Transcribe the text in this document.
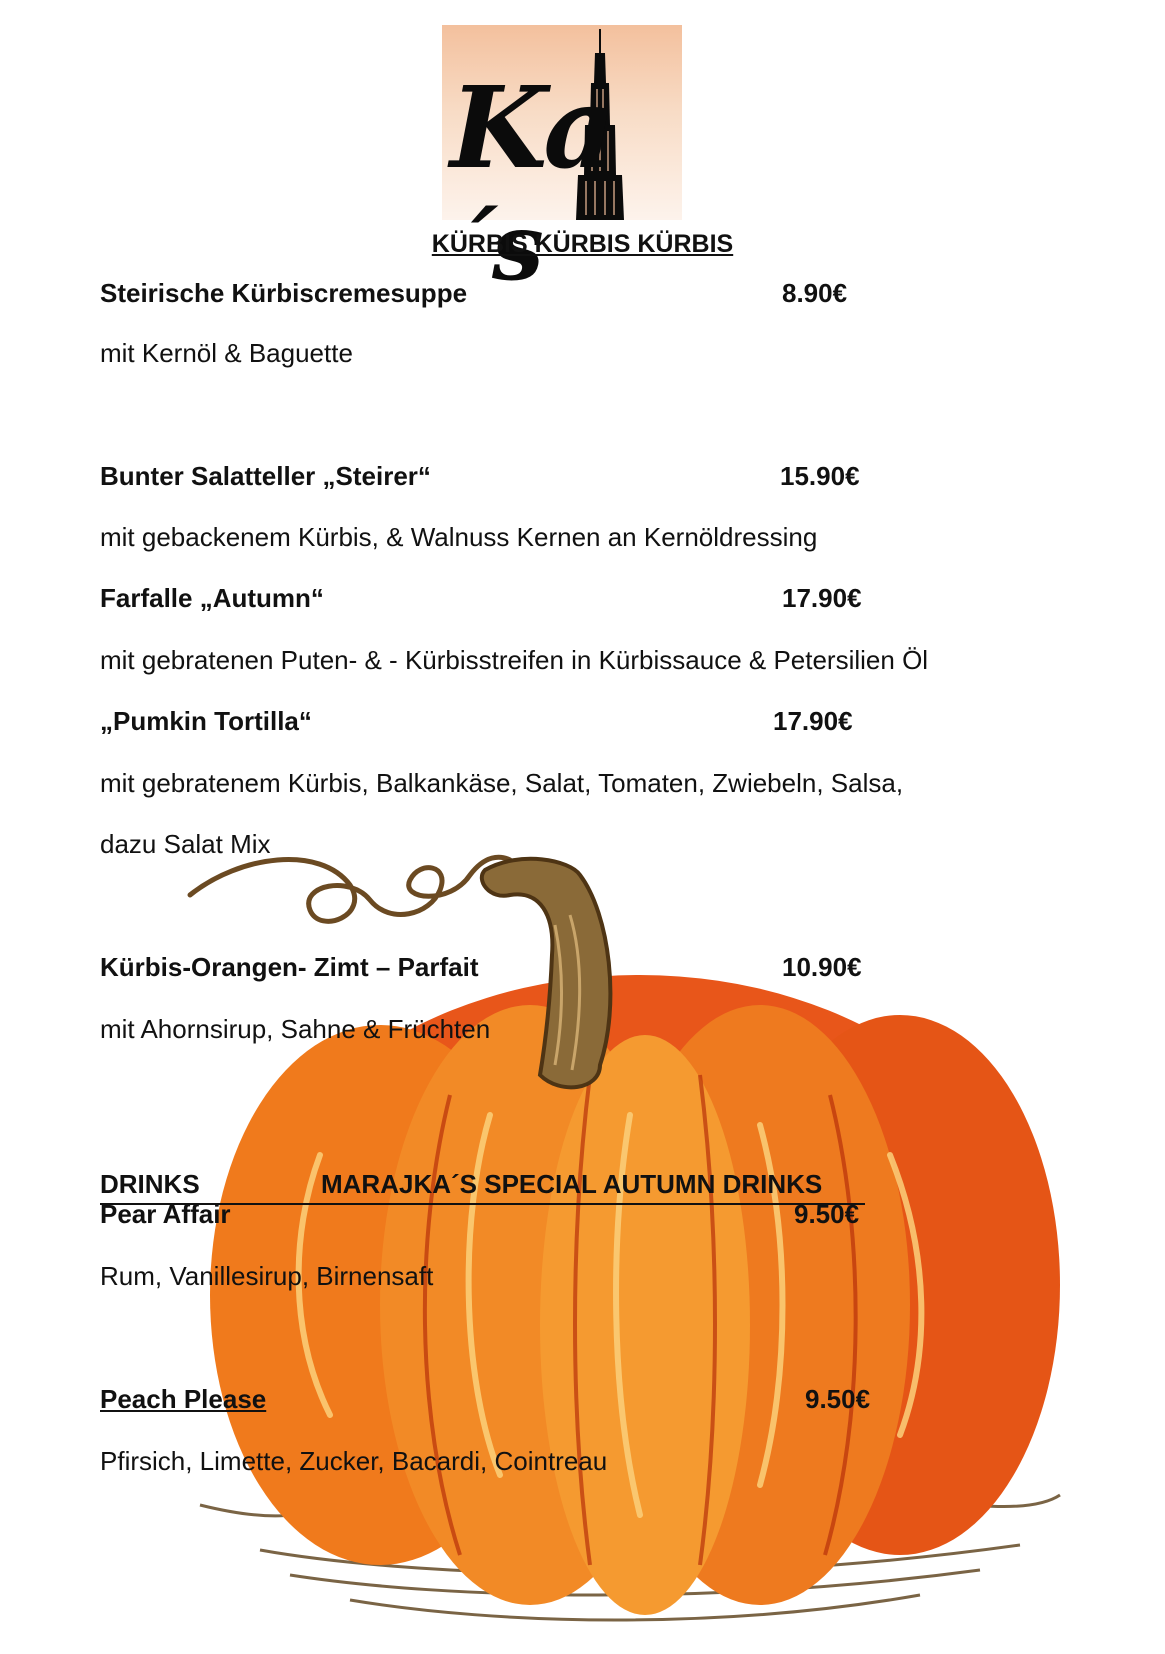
Ka´s
KÜRBIS KÜRBIS KÜRBIS
Steirische Kürbiscremesuppe	8.90€
mit Kernöl & Baguette
Bunter Salatteller „Steirer“	15.90€
mit gebackenem Kürbis, & Walnuss Kernen an Kernöldressing
Farfalle „Autumn“	17.90€
mit gebratenen Puten- & - Kürbisstreifen in Kürbissauce & Petersilien Öl
„Pumkin Tortilla“	17.90€
mit gebratenem Kürbis, Balkankäse, Salat, Tomaten, Zwiebeln, Salsa,
dazu Salat Mix
Kürbis-Orangen- Zimt – Parfait	10.90€
mit Ahornsirup, Sahne & Früchten
DRINKS	MARAJKA´S SPECIAL AUTUMN DRINKS
Pear Affair	9.50€
Rum, Vanillesirup, Birnensaft
Peach Please	9.50€
Pfirsich, Limette, Zucker, Bacardi, Cointreau
